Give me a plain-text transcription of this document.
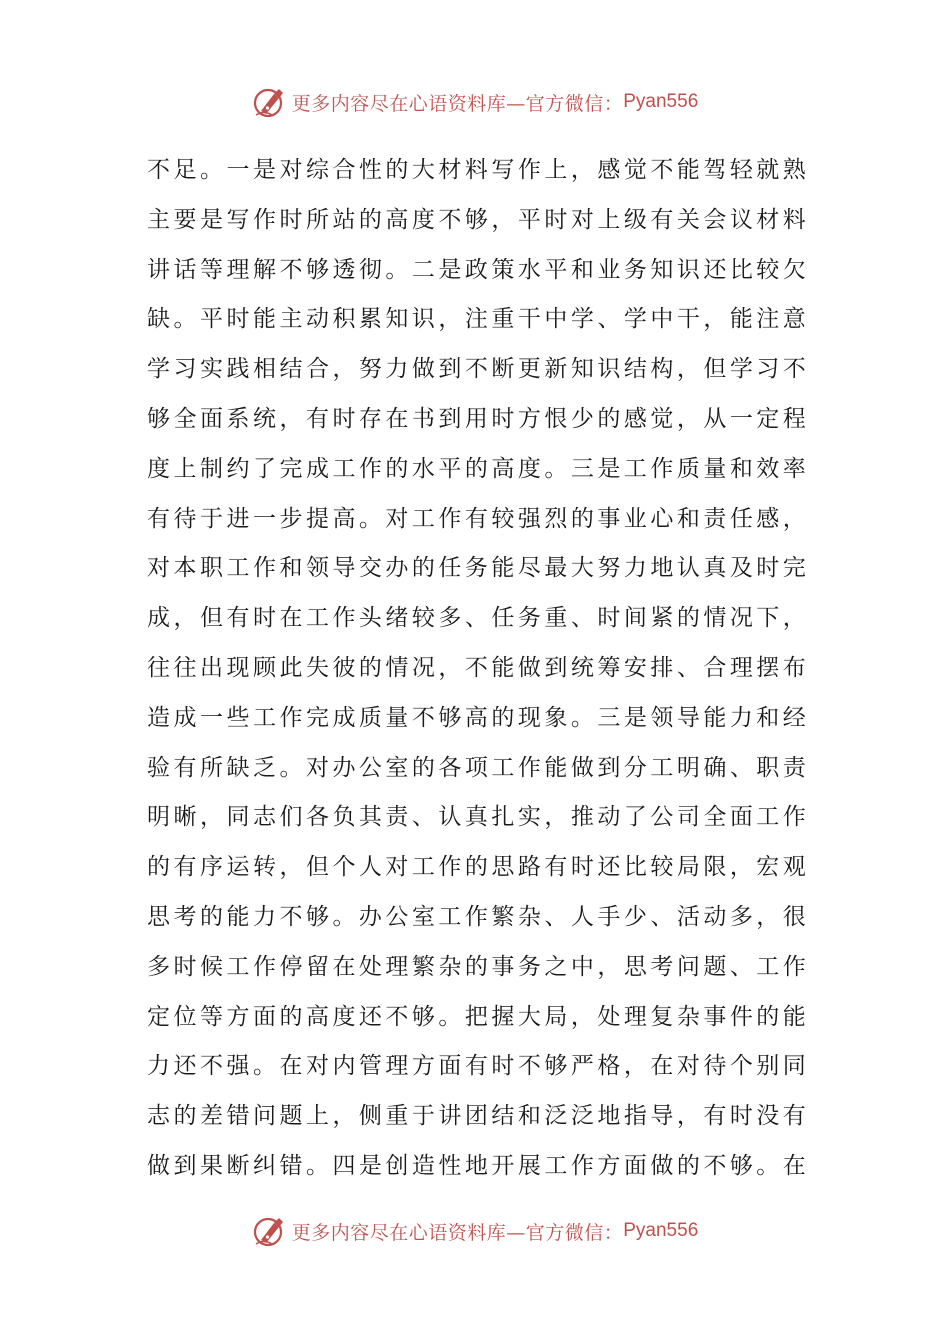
更多内容尽在心语资料库—官方微信： Pyan556
不足。一是对综合性的大材料写作上，感觉不能驾轻就熟
主要是写作时所站的高度不够，平时对上级有关会议材料
讲话等理解不够透彻。二是政策水平和业务知识还比较欠
缺。平时能主动积累知识，注重干中学、学中干，能注意
学习实践相结合，努力做到不断更新知识结构，但学习不
够全面系统，有时存在书到用时方恨少的感觉，从一定程
度上制约了完成工作的水平的高度。三是工作质量和效率
有待于进一步提高。对工作有较强烈的事业心和责任感，
对本职工作和领导交办的任务能尽最大努力地认真及时完
成，但有时在工作头绪较多、任务重、时间紧的情况下，
往往出现顾此失彼的情况，不能做到统筹安排、合理摆布
造成一些工作完成质量不够高的现象。三是领导能力和经
验有所缺乏。对办公室的各项工作能做到分工明确、职责
明晰，同志们各负其责、认真扎实，推动了公司全面工作
的有序运转，但个人对工作的思路有时还比较局限，宏观
思考的能力不够。办公室工作繁杂、人手少、活动多，很
多时候工作停留在处理繁杂的事务之中，思考问题、工作
定位等方面的高度还不够。把握大局，处理复杂事件的能
力还不强。在对内管理方面有时不够严格，在对待个别同
志的差错问题上，侧重于讲团结和泛泛地指导，有时没有
做到果断纠错。四是创造性地开展工作方面做的不够。在
更多内容尽在心语资料库—官方微信： Pyan556
